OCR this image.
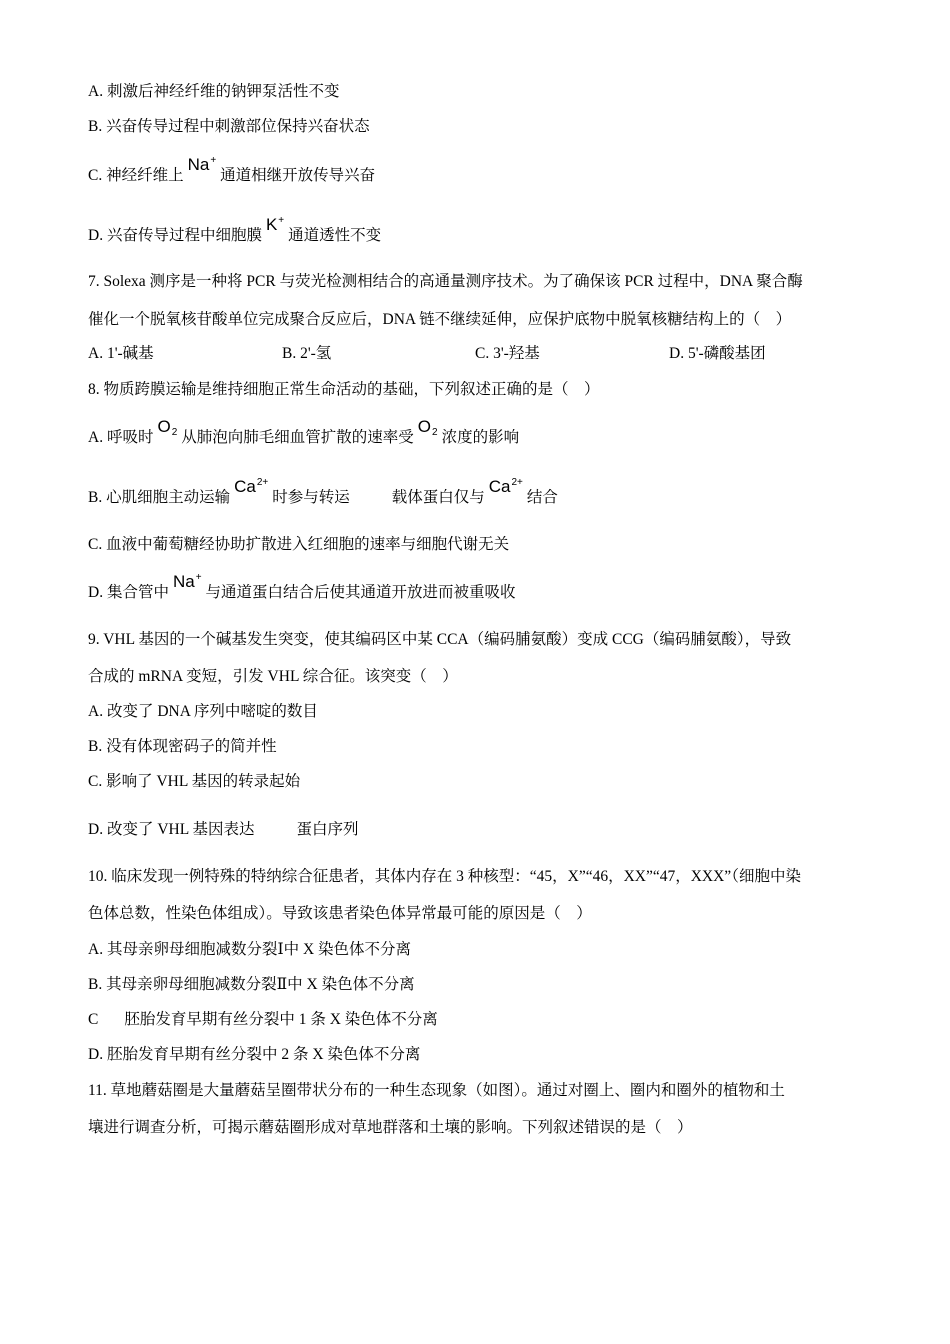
A. 刺激后神经纤维的钠钾泵活性不变
B. 兴奋传导过程中刺激部位保持兴奋状态
C. 神经纤维上Na+通道相继开放传导兴奋
D. 兴奋传导过程中细胞膜K+通道透性不变
7. Solexa 测序是一种将 PCR 与荧光检测相结合的高通量测序技术。为了确保该 PCR 过程中，DNA 聚合酶
催化一个脱氧核苷酸单位完成聚合反应后，DNA 链不继续延伸，应保护底物中脱氧核糖结构上的（　）
A. 1'-碱基	B. 2'-氢	C. 3'-羟基	D. 5'-磷酸基团
8. 物质跨膜运输是维持细胞正常生命活动的基础，下列叙述正确的是（　）
A. 呼吸时O2 从肺泡向肺毛细血管扩散的速率受O2 浓度的影响
B. 心肌细胞主动运输$Ca^{2+}$时参与转运	载体蛋白仅与$Ca^{2+}$结合
C. 血液中葡萄糖经协助扩散进入红细胞的速率与细胞代谢无关
D. 集合管中Na+与通道蛋白结合后使其通道开放进而被重吸收
9. VHL 基因的一个碱基发生突变，使其编码区中某 CCA（编码脯氨酸）变成 CCG（编码脯氨酸），导致
合成的 mRNA 变短，引发 VHL 综合征。该突变（　）
A. 改变了 DNA 序列中嘧啶的数目
B. 没有体现密码子的简并性
C. 影响了 VHL 基因的转录起始
D. 改变了 VHL 基因表达	蛋白序列
10. 临床发现一例特殊的特纳综合征患者，其体内存在 3 种核型：“45，X”“46，XX”“47，XXX”（细胞中染
色体总数，性染色体组成）。导致该患者染色体异常最可能的原因是（　）
A. 其母亲卵母细胞减数分裂Ⅰ中 X 染色体不分离
B. 其母亲卵母细胞减数分裂Ⅱ中 X 染色体不分离
C 胚胎发育早期有丝分裂中 1 条 X 染色体不分离
D. 胚胎发育早期有丝分裂中 2 条 X 染色体不分离
11. 草地蘑菇圈是大量蘑菇呈圈带状分布的一种生态现象（如图）。通过对圈上、圈内和圈外的植物和土
壤进行调查分析，可揭示蘑菇圈形成对草地群落和土壤的影响。下列叙述错误的是（　）
